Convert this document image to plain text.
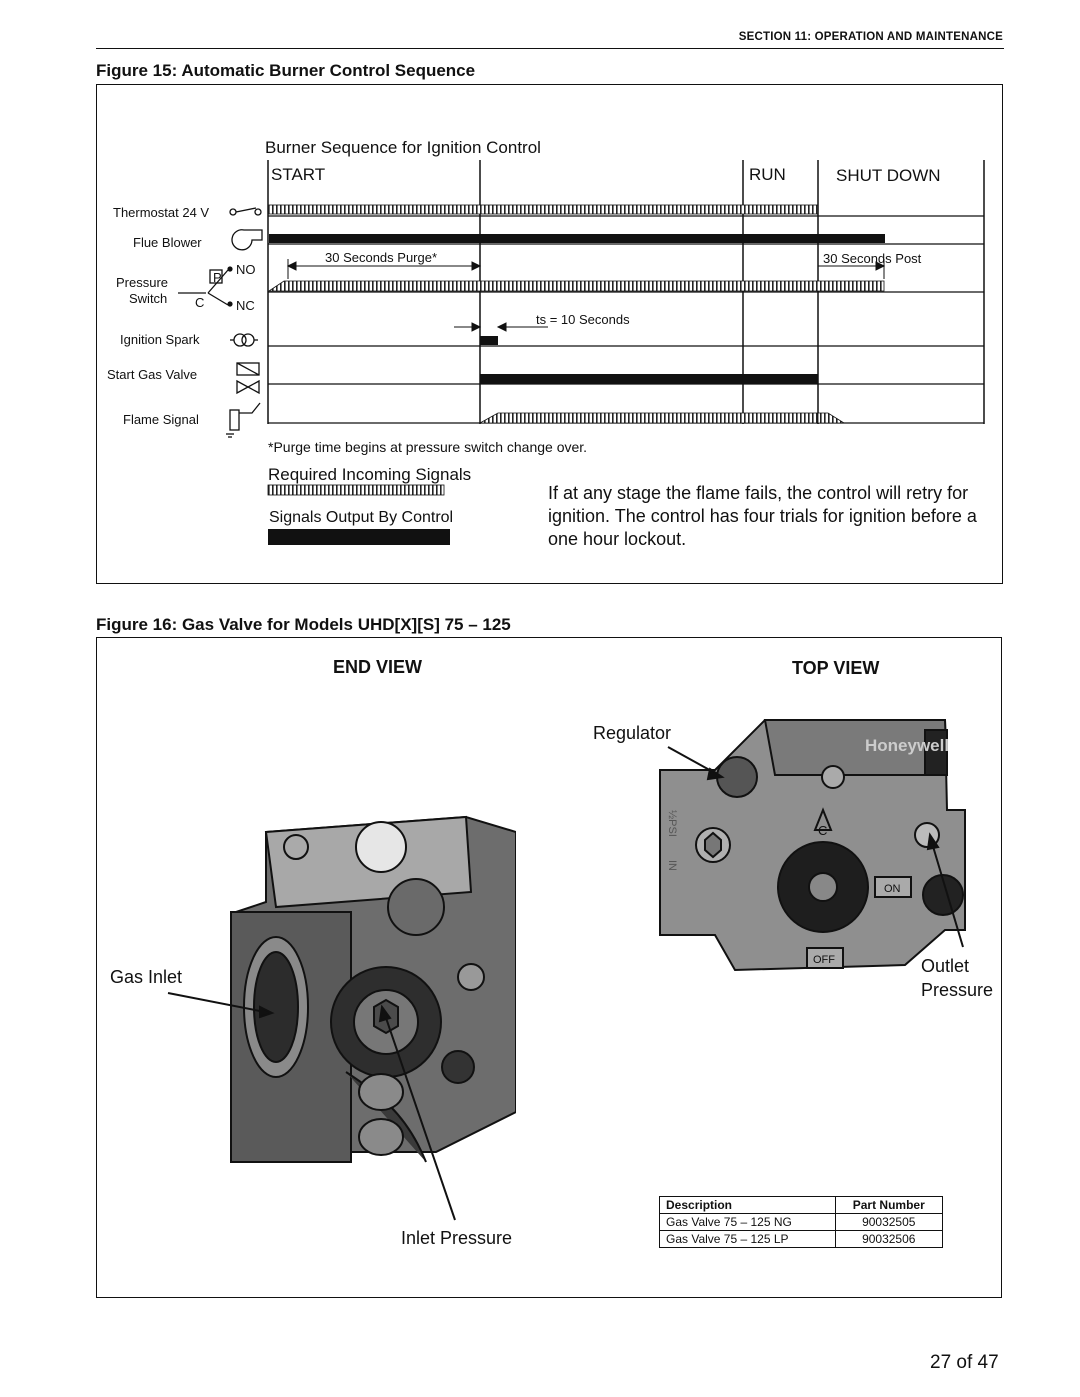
SECTION 11: OPERATION AND MAINTENANCE
Figure 15: Automatic Burner Control Sequence
Burner Sequence for Ignition Control
START	RUN	SHUT DOWN
Thermostat 24 V
Flue Blower
Pressure
Switch
P
C
NO
NC
Ignition Spark
Start Gas Valve
Flame Signal
30 Seconds Purge*	30 Seconds Post
ts = 10 Seconds
*Purge time begins at pressure switch change over.
Required Incoming Signals
Signals Output By Control
If at any stage the flame fails, the control will retry for ignition. The control has four trials for ignition before a one hour lockout.
Figure 16: Gas Valve for Models UHD[X][S] 75 – 125
END VIEW	TOP VIEW
Gas Inlet
Inlet Pressure
Honeywell
C
ON
OFF
½PSI
IN
Regulator
Outlet
Pressure
Description	Part Number
Gas Valve 75 – 125 NG	90032505
Gas Valve 75 – 125 LP	90032506
27 of 47
